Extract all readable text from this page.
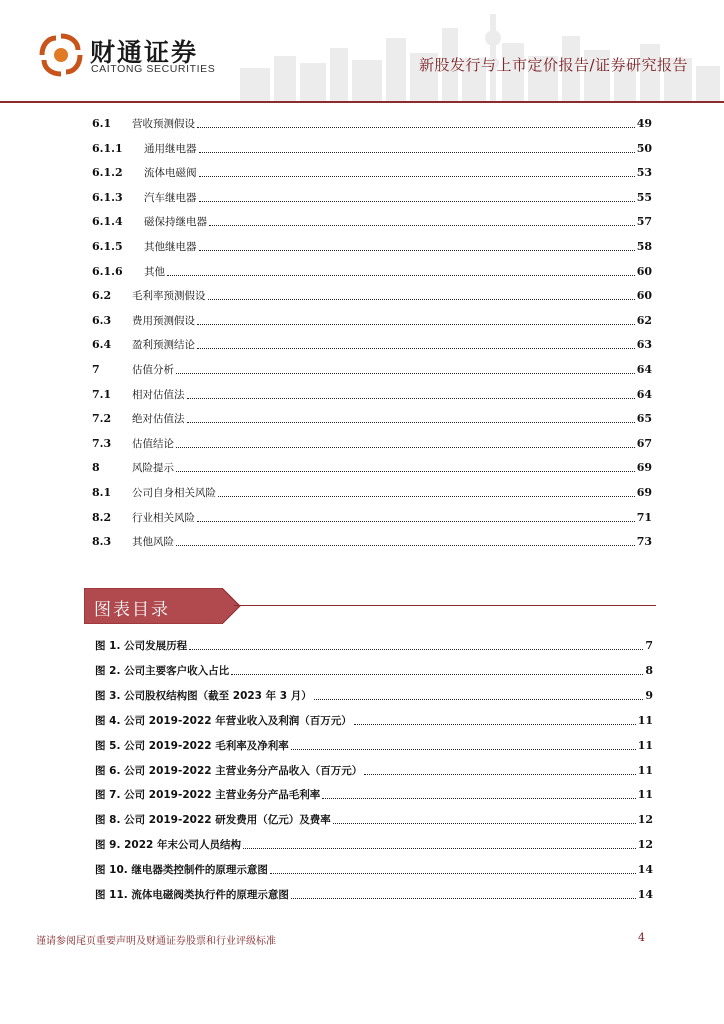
财通证券
CAITONG SECURITIES	新股发行与上市定价报告/证券研究报告
6.1	营收预测假设	49
6.1.1	通用继电器	50
6.1.2	流体电磁阀	53
6.1.3	汽车继电器	55
6.1.4	磁保持继电器	57
6.1.5	其他继电器	58
6.1.6	其他	60
6.2	毛利率预测假设	60
6.3	费用预测假设	62
6.4	盈利预测结论	63
7	估值分析	64
7.1	相对估值法	64
7.2	绝对估值法	65
7.3	估值结论	67
8	风险提示	69
8.1	公司自身相关风险	69
8.2	行业相关风险	71
8.3	其他风险	73
图表目录
图 1. 公司发展历程	7
图 2. 公司主要客户收入占比	8
图 3. 公司股权结构图（截至 2023 年 3 月）	9
图 4. 公司 2019-2022 年营业收入及利润（百万元）	11
图 5. 公司 2019-2022 毛利率及净利率	11
图 6. 公司 2019-2022 主营业务分产品收入（百万元）	11
图 7. 公司 2019-2022 主营业务分产品毛利率	11
图 8. 公司 2019-2022 研发费用（亿元）及费率	12
图 9. 2022 年末公司人员结构	12
图 10. 继电器类控制件的原理示意图	14
图 11. 流体电磁阀类执行件的原理示意图	14
谨请参阅尾页重要声明及财通证券股票和行业评级标准	4
